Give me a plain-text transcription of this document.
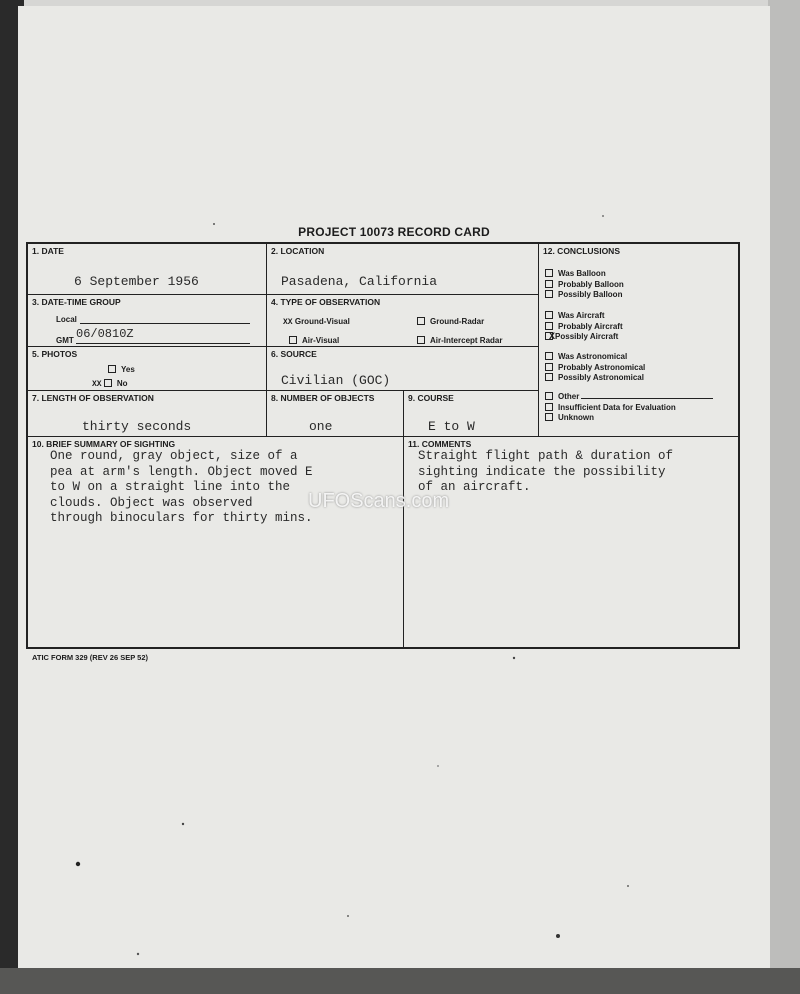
PROJECT 10073 RECORD CARD
1. DATE
6 September 1956
2. LOCATION
Pasadena, California
3. DATE-TIME GROUP
Local
GMT 06/0810Z
4. TYPE OF OBSERVATION
XX Ground-Visual	Ground-Radar
Air-Visual	Air-Intercept Radar
5. PHOTOS
Yes
XX No
6. SOURCE
Civilian (GOC)
7. LENGTH OF OBSERVATION
thirty seconds
8. NUMBER OF OBJECTS
one
9. COURSE
E to W
12. CONCLUSIONS
Was Balloon
Probably Balloon
Possibly Balloon
Was Aircraft
Probably Aircraft
XPossibly Aircraft
Was Astronomical
Probably Astronomical
Possibly Astronomical
Other
Insufficient Data for Evaluation
Unknown
10. BRIEF SUMMARY OF SIGHTING
One round, gray object, size of a
pea at arm's length. Object moved E
to W on a straight line into the
clouds. Object was observed
through binoculars for thirty mins.
11. COMMENTS
Straight flight path & duration of
sighting indicate the possibility
of an aircraft.
UFOScans.com
ATIC FORM 329 (REV 26 SEP 52)
